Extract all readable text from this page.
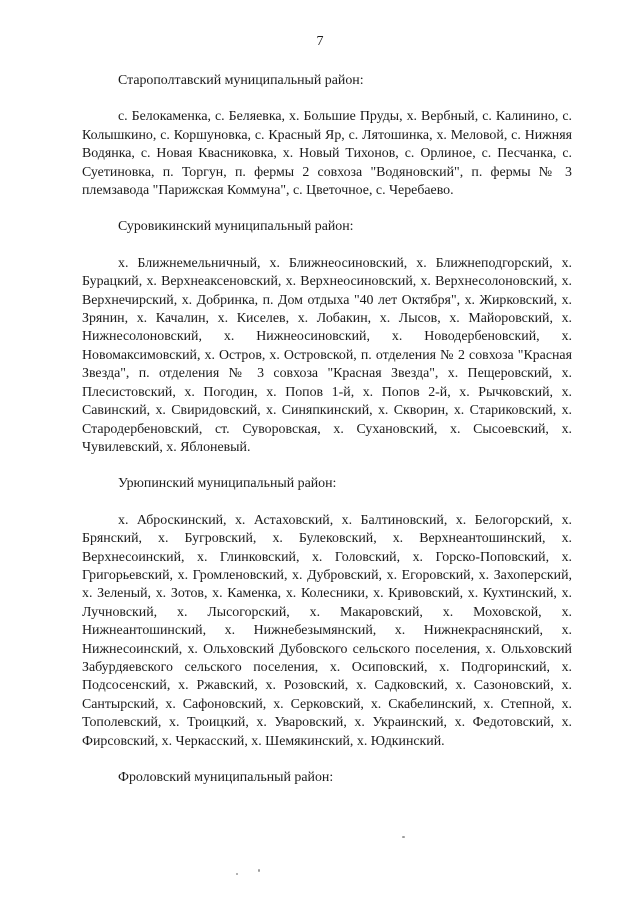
7

Старополтавский муниципальный район:

с. Белокаменка, с. Беляевка, х. Большие Пруды, х. Вербный, с. Калинино, с. Колышкино, с. Коршуновка, с. Красный Яр, с. Лятошинка, х. Меловой, с. Нижняя Водянка, с. Новая Квасниковка, х. Новый Тихонов, с. Орлиное, с. Песчанка, с. Суетиновка, п. Торгун, п. фермы 2 совхоза "Водяновский", п. фермы № 3 племзавода "Парижская Коммуна", с. Цветочное, с. Черебаево.

Суровикинский муниципальный район:

х. Ближнемельничный, х. Ближнеосиновский, х. Ближнеподгорский, х. Бурацкий, х. Верхнеаксеновский, х. Верхнеосиновский, х. Верхнесолоновский, х. Верхнечирский, х. Добринка, п. Дом отдыха "40 лет Октября", х. Жирковский, х. Зрянин, х. Качалин, х. Киселев, х. Лобакин, х. Лысов, х. Майоровский, х. Нижнесолоновский, х. Нижнеосиновский, х. Новодербеновский, х. Новомаксимовский, х. Остров, х. Островской, п. отделения № 2 совхоза "Красная Звезда", п. отделения № 3 совхоза "Красная Звезда", х. Пещеровский, х. Плесистовский, х. Погодин, х. Попов 1-й, х. Попов 2-й, х. Рычковский, х. Савинский, х. Свиридовский, х. Синяпкинский, х. Скворин, х. Стариковский, х. Стародербеновский, ст. Суворовская, х. Сухановский, х. Сысоевский, х. Чувилевский, х. Яблоневый.

Урюпинский муниципальный район:

х. Аброскинский, х. Астаховский, х. Балтиновский, х. Белогорский, х. Брянский, х. Бугровский, х. Булековский, х. Верхнеантошинский, х. Верхнесоинский, х. Глинковский, х. Головский, х. Горско-Поповский, х. Григорьевский, х. Громленовский, х. Дубровский, х. Егоровский, х. Захоперский, х. Зеленый, х. Зотов, х. Каменка, х. Колесники, х. Кривовский, х. Кухтинский, х. Лучновский, х. Лысогорский, х. Макаровский, х. Моховской, х. Нижнеантошинский, х. Нижнебезымянский, х. Нижнекраснянский, х. Нижнесоинский, х. Ольховский Дубовского сельского поселения, х. Ольховский Забурдяевского сельского поселения, х. Осиповский, х. Подгоринский, х. Подсосенский, х. Ржавский, х. Розовский, х. Садковский, х. Сазоновский, х. Сантырский, х. Сафоновский, х. Серковский, х. Скабелинский, х. Степной, х. Тополевский, х. Троицкий, х. Уваровский, х. Украинский, х. Федотовский, х. Фирсовский, х. Черкасский, х. Шемякинский, х. Юдкинский.

Фроловский муниципальный район:
